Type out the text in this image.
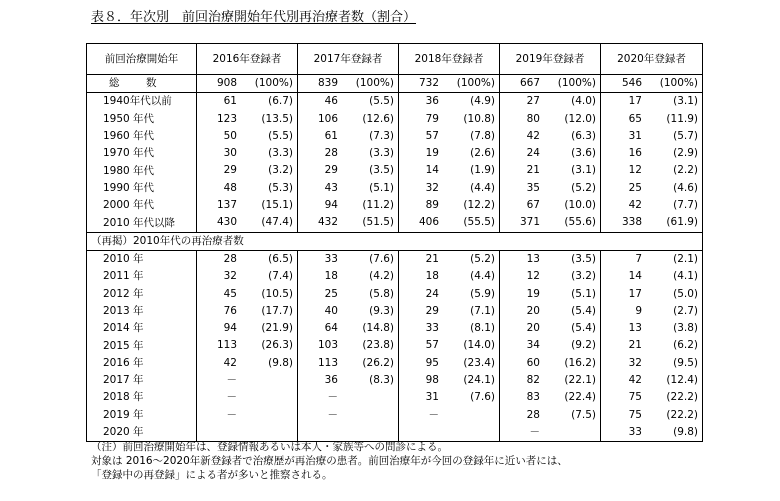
表８．年次別　前回治療開始年代別再治療者数（割合）
前回治療開始年	2016年登録者	2017年登録者	2018年登録者	2019年登録者	2020年登録者
総　数	908 (100%)	839 (100%)	732 (100%)	667 (100%)	546 (100%)

1940年代以前	61 (6.7)	46 (5.5)	36 (4.9)	27 (4.0)	17 (3.1)

1950 年代	123 (13.5)	106 (12.6)	79 (10.8)	80 (12.0)	65 (11.9)

1960 年代	50 (5.5)	61 (7.3)	57 (7.8)	42 (6.3)	31 (5.7)

1970 年代	30 (3.3)	28 (3.3)	19 (2.6)	24 (3.6)	16 (2.9)

1980 年代	29 (3.2)	29 (3.5)	14 (1.9)	21 (3.1)	12 (2.2)

1990 年代	48 (5.3)	43 (5.1)	32 (4.4)	35 (5.2)	25 (4.6)

2000 年代	137 (15.1)	94 (11.2)	89 (12.2)	67 (10.0)	42 (7.7)

2010 年代以降	430 (47.4)	432 (51.5)	406 (55.5)	371 (55.6)	338 (61.9)

（再掲）2010年代の再治療者数					
2010 年	28 (6.5)	33 (7.6)	21 (5.2)	13 (3.5)	7 (2.1)

2011 年	32 (7.4)	18 (4.2)	18 (4.4)	12 (3.2)	14 (4.1)

2012 年	45 (10.5)	25 (5.8)	24 (5.9)	19 (5.1)	17 (5.0)

2013 年	76 (17.7)	40 (9.3)	29 (7.1)	20 (5.4)	9 (2.7)

2014 年	94 (21.9)	64 (14.8)	33 (8.1)	20 (5.4)	13 (3.8)

2015 年	113 (26.3)	103 (23.8)	57 (14.0)	34 (9.2)	21 (6.2)

2016 年	42 (9.8)	113 (26.2)	95 (23.4)	60 (16.2)	32 (9.5)

2017 年	－	36 (8.3)	98 (24.1)	82 (22.1)	42 (12.4)

2018 年	－	－	31 (7.6)	83 (22.4)	75 (22.2)

2019 年	－	－	－	28 (7.5)	75 (22.2)

2020 年				－	33 (9.8)
（注）前回治療開始年は、登録情報あるいは本人・家族等への問診による。
対象は 2016～2020年新登録者で治療歴が再治療の患者。前回治療年が今回の登録年に近い者には、
「登録中の再登録」による者が多いと推察される。
